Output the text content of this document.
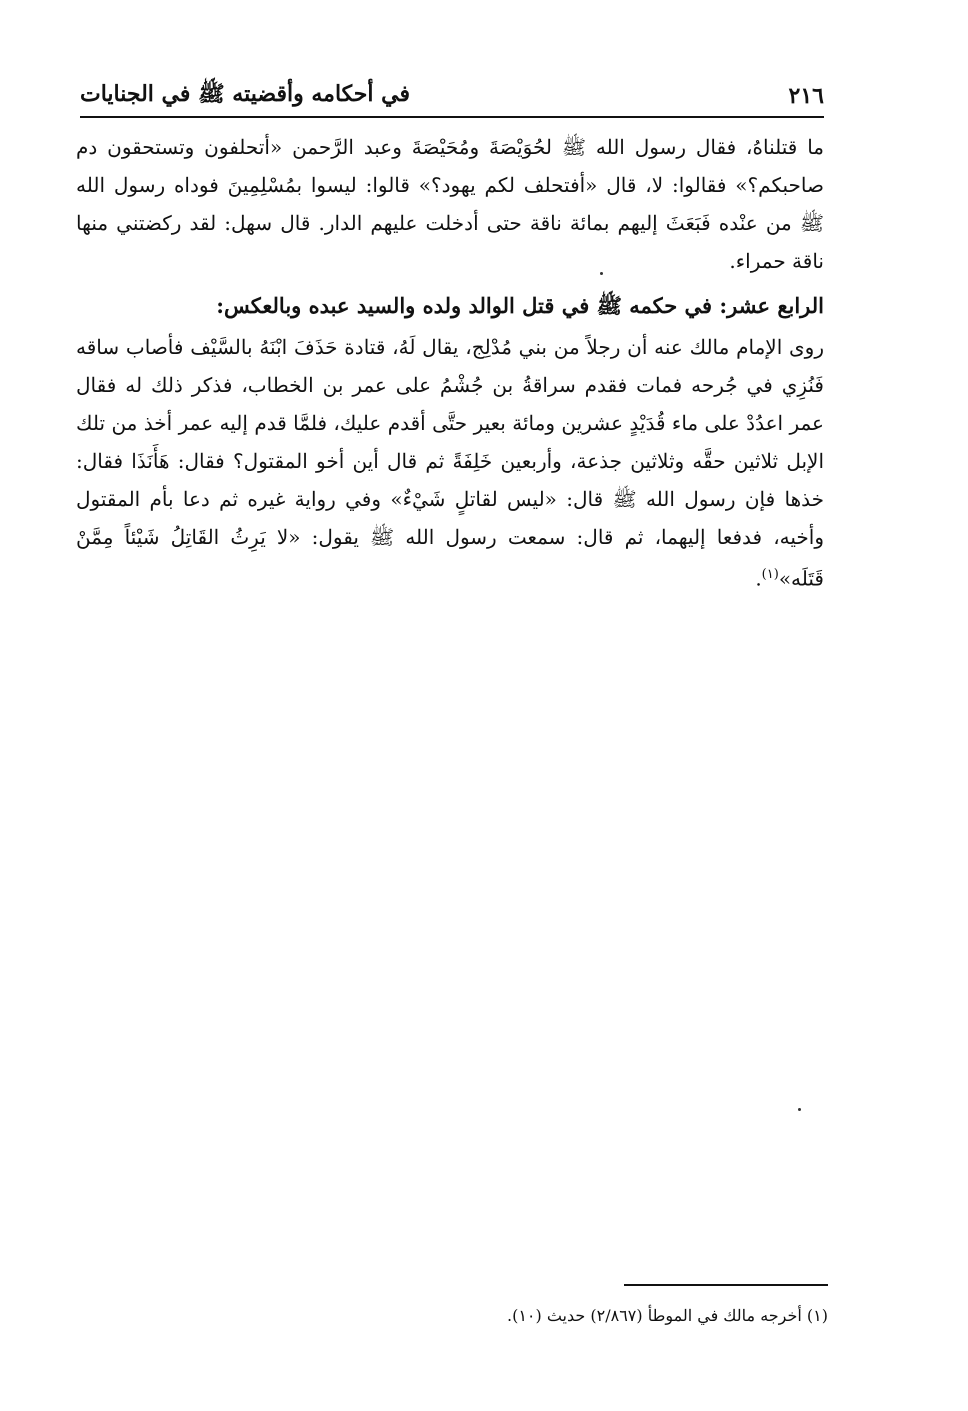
٢١٦
في أحكامه وأقضيته ﷺ في الجنايات

ما قتلناهُ، فقال رسول الله ﷺ لحُوَيْصَةَ ومُحَيْصَةَ وعبد الرَّحمن «أتحلفون وتستحقون دم صاحبكم؟» فقالوا: لا، قال «أفتحلف لكم يهود؟» قالوا: ليسوا بمُسْلِمِينَ فوداه رسول الله ﷺ من عنْده فَبَعَثَ إليهم بمائة ناقة حتى أدخلت عليهم الدار. قال سهل: لقد ركضتني منها ناقة حمراء.

الرابع عشر: في حكمه ﷺ في قتل الوالد ولده والسيد عبده وبالعكس:

روى الإمام مالك عنه أن رجلاً من بني مُدْلِج، يقال لَهُ، قتادة حَذَفَ ابْنَهُ بالسَّيْف فأصاب ساقه فَنُزِي في جُرحه فمات فقدم سراقةُ بن جُشْمُ على عمر بن الخطاب، فذكر ذلك له فقال عمر اعدُدْ على ماء قُدَيْدٍ عشرين ومائة بعير حتَّى أقدم عليك، فلمَّا قدم إليه عمر أخذ من تلك الإبل ثلاثين حقَّه وثلاثين جذعة، وأربعين خَلِفَةً ثم قال أين أخو المقتول؟ فقال: هَأَنَذَا فقال: خذها فإن رسول الله ﷺ قال: «ليس لقاتلٍ شَيْءٌ» وفي رواية غيره ثم دعا بأم المقتول وأخيه، فدفعا إليهما، ثم قال: سمعت رسول الله ﷺ يقول: «لا يَرِثُ القَاتِلُ شَيْئاً مِمَّنْ قَتَلَه»$^{(١)}$.

(١) أخرجه مالك في الموطأ (٢/٨٦٧) حديث (١٠).
